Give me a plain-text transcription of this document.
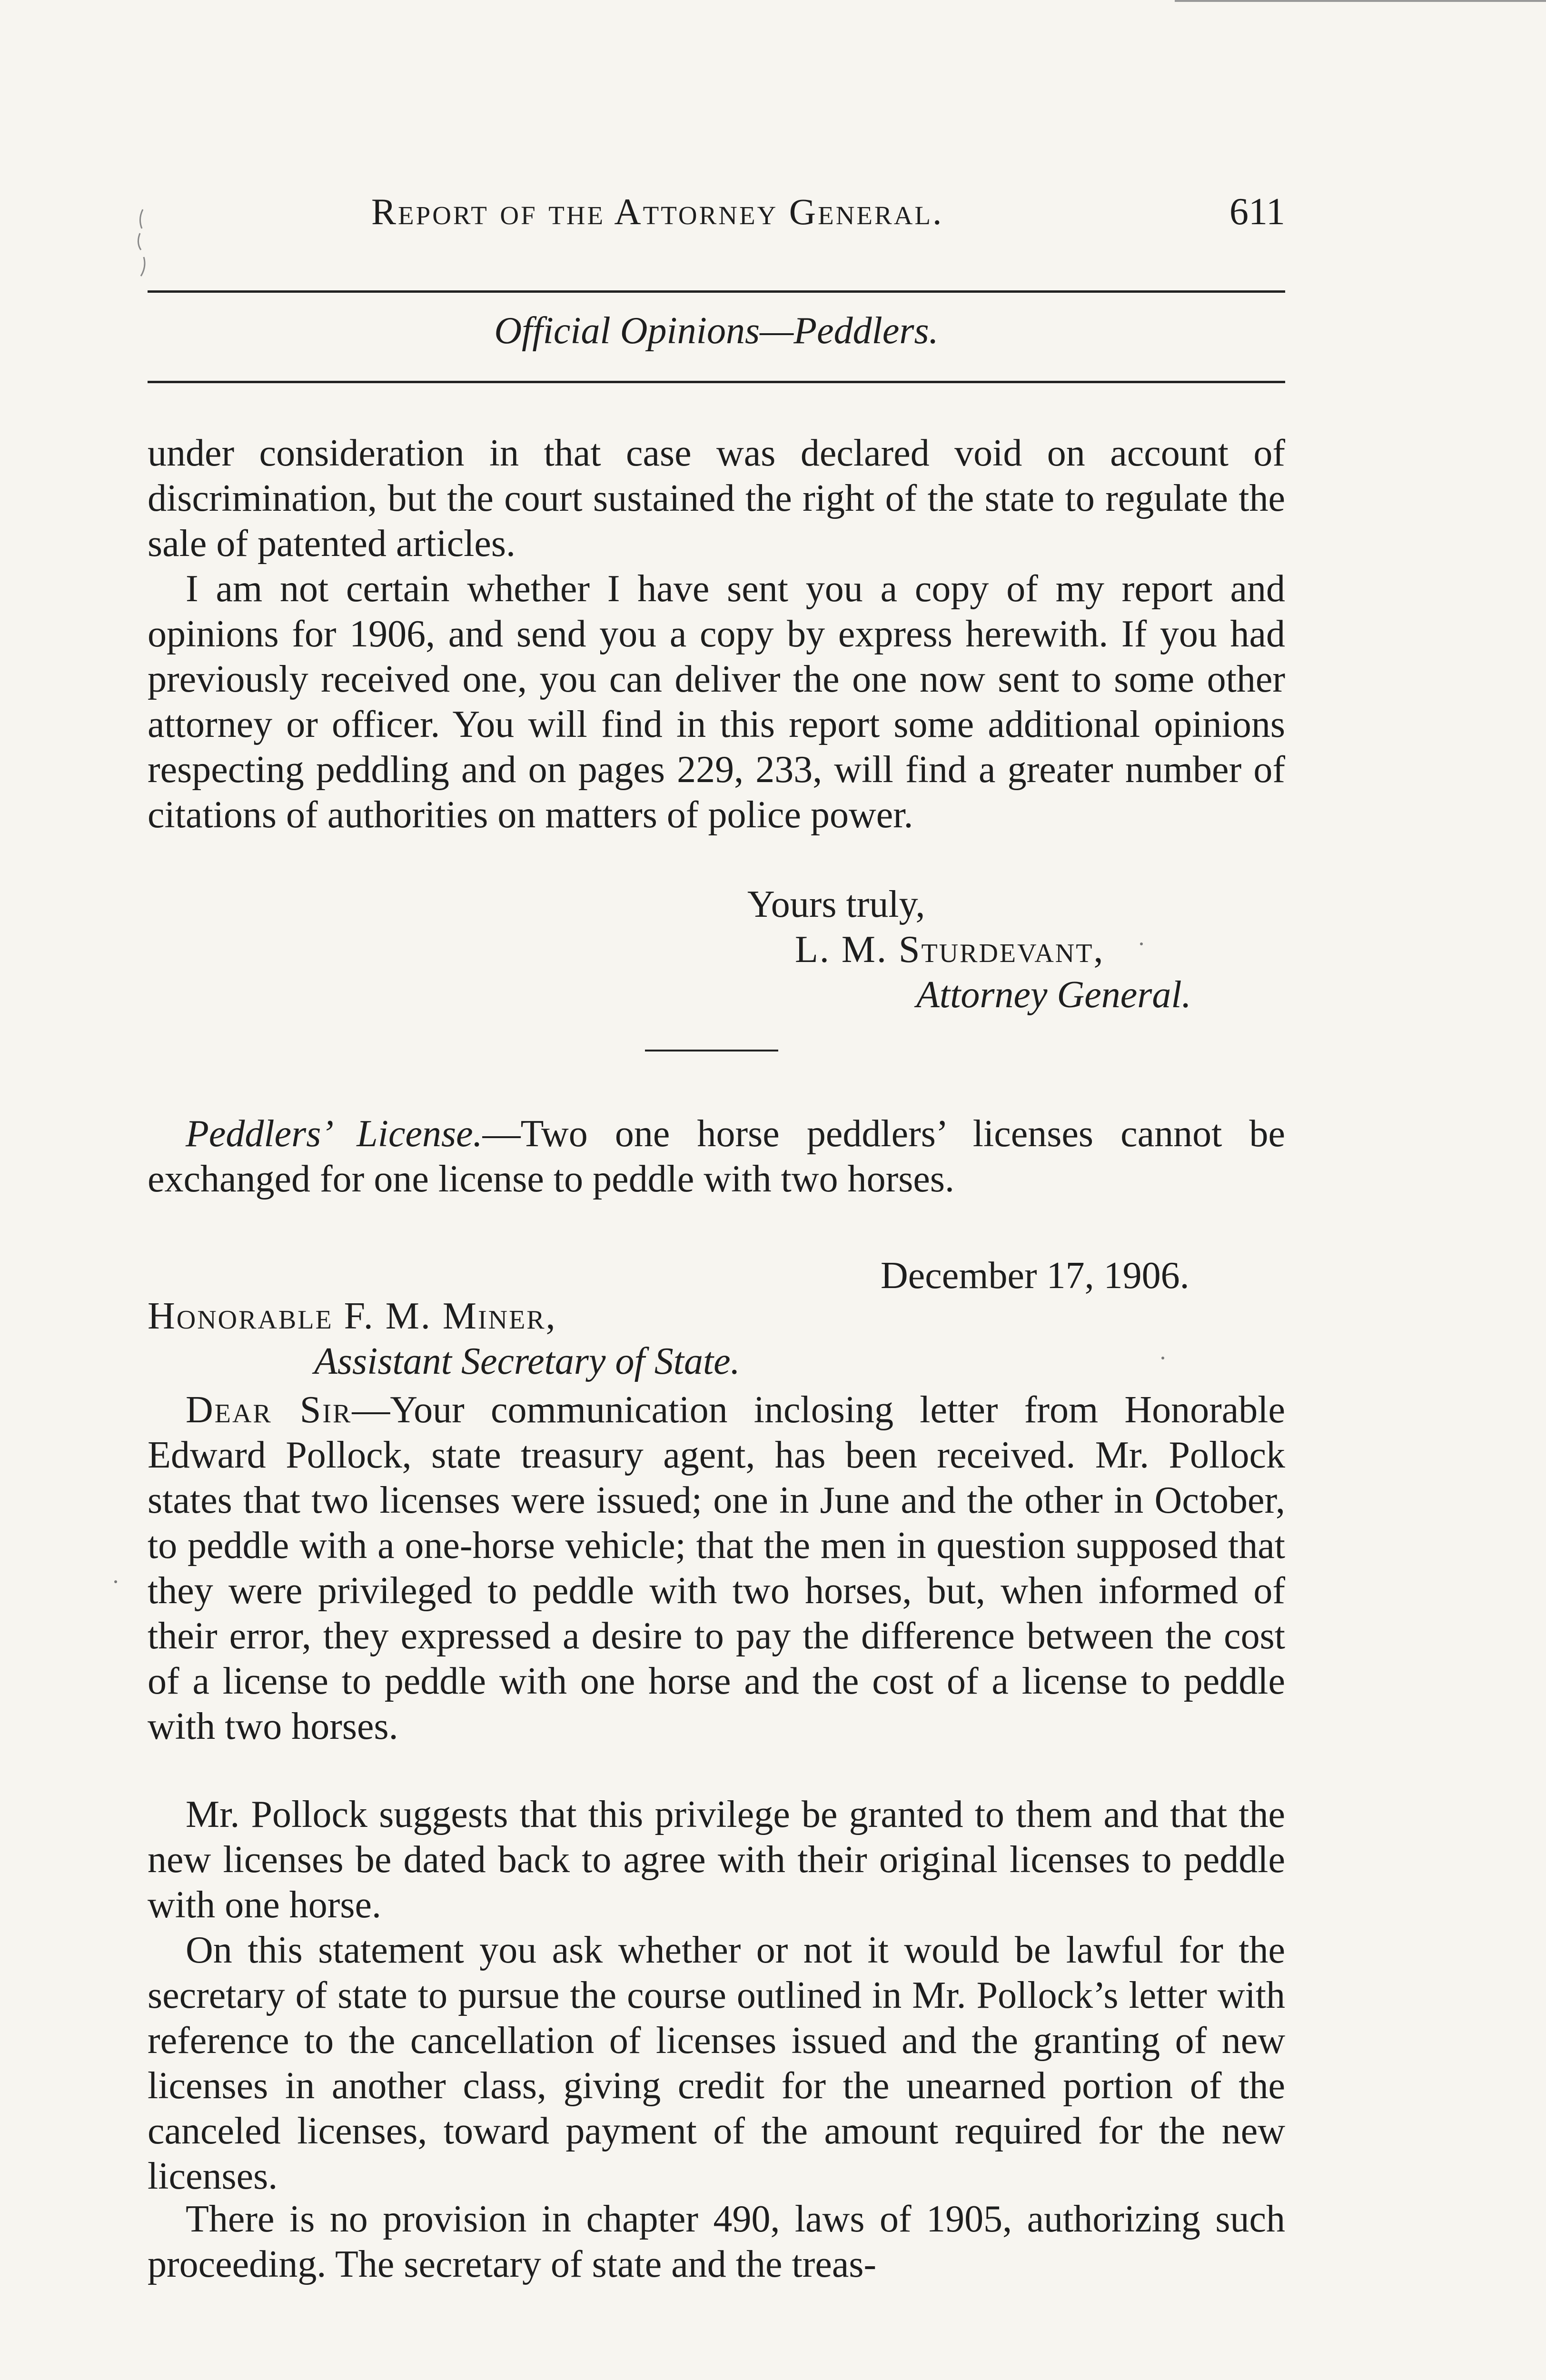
Report of the Attorney General.	611
Official Opinions—Peddlers.
under consideration in that case was declared void on account of discrimination, but the court sustained the right of the state to regulate the sale of patented articles.
I am not certain whether I have sent you a copy of my report and opinions for 1906, and send you a copy by express herewith. If you had previously received one, you can deliver the one now sent to some other attorney or officer. You will find in this report some additional opinions respecting peddling and on pages 229, 233, will find a greater number of citations of authorities on matters of police power.
Yours truly,
L. M. Sturdevant,
Attorney General.
Peddlers’ License.—Two one horse peddlers’ licenses cannot be exchanged for one license to peddle with two horses.
December 17, 1906.
Honorable F. M. Miner,
Assistant Secretary of State.
Dear Sir—Your communication inclosing letter from Honorable Edward Pollock, state treasury agent, has been received. Mr. Pollock states that two licenses were issued; one in June and the other in October, to peddle with a one-horse vehicle; that the men in question supposed that they were privileged to peddle with two horses, but, when informed of their error, they expressed a desire to pay the difference between the cost of a license to peddle with one horse and the cost of a license to peddle with two horses.
Mr. Pollock suggests that this privilege be granted to them and that the new licenses be dated back to agree with their original licenses to peddle with one horse.
On this statement you ask whether or not it would be lawful for the secretary of state to pursue the course outlined in Mr. Pollock’s letter with reference to the cancellation of licenses issued and the granting of new licenses in another class, giving credit for the unearned portion of the canceled licenses, toward payment of the amount required for the new licenses.
There is no provision in chapter 490, laws of 1905, authorizing such proceeding. The secretary of state and the treas-
